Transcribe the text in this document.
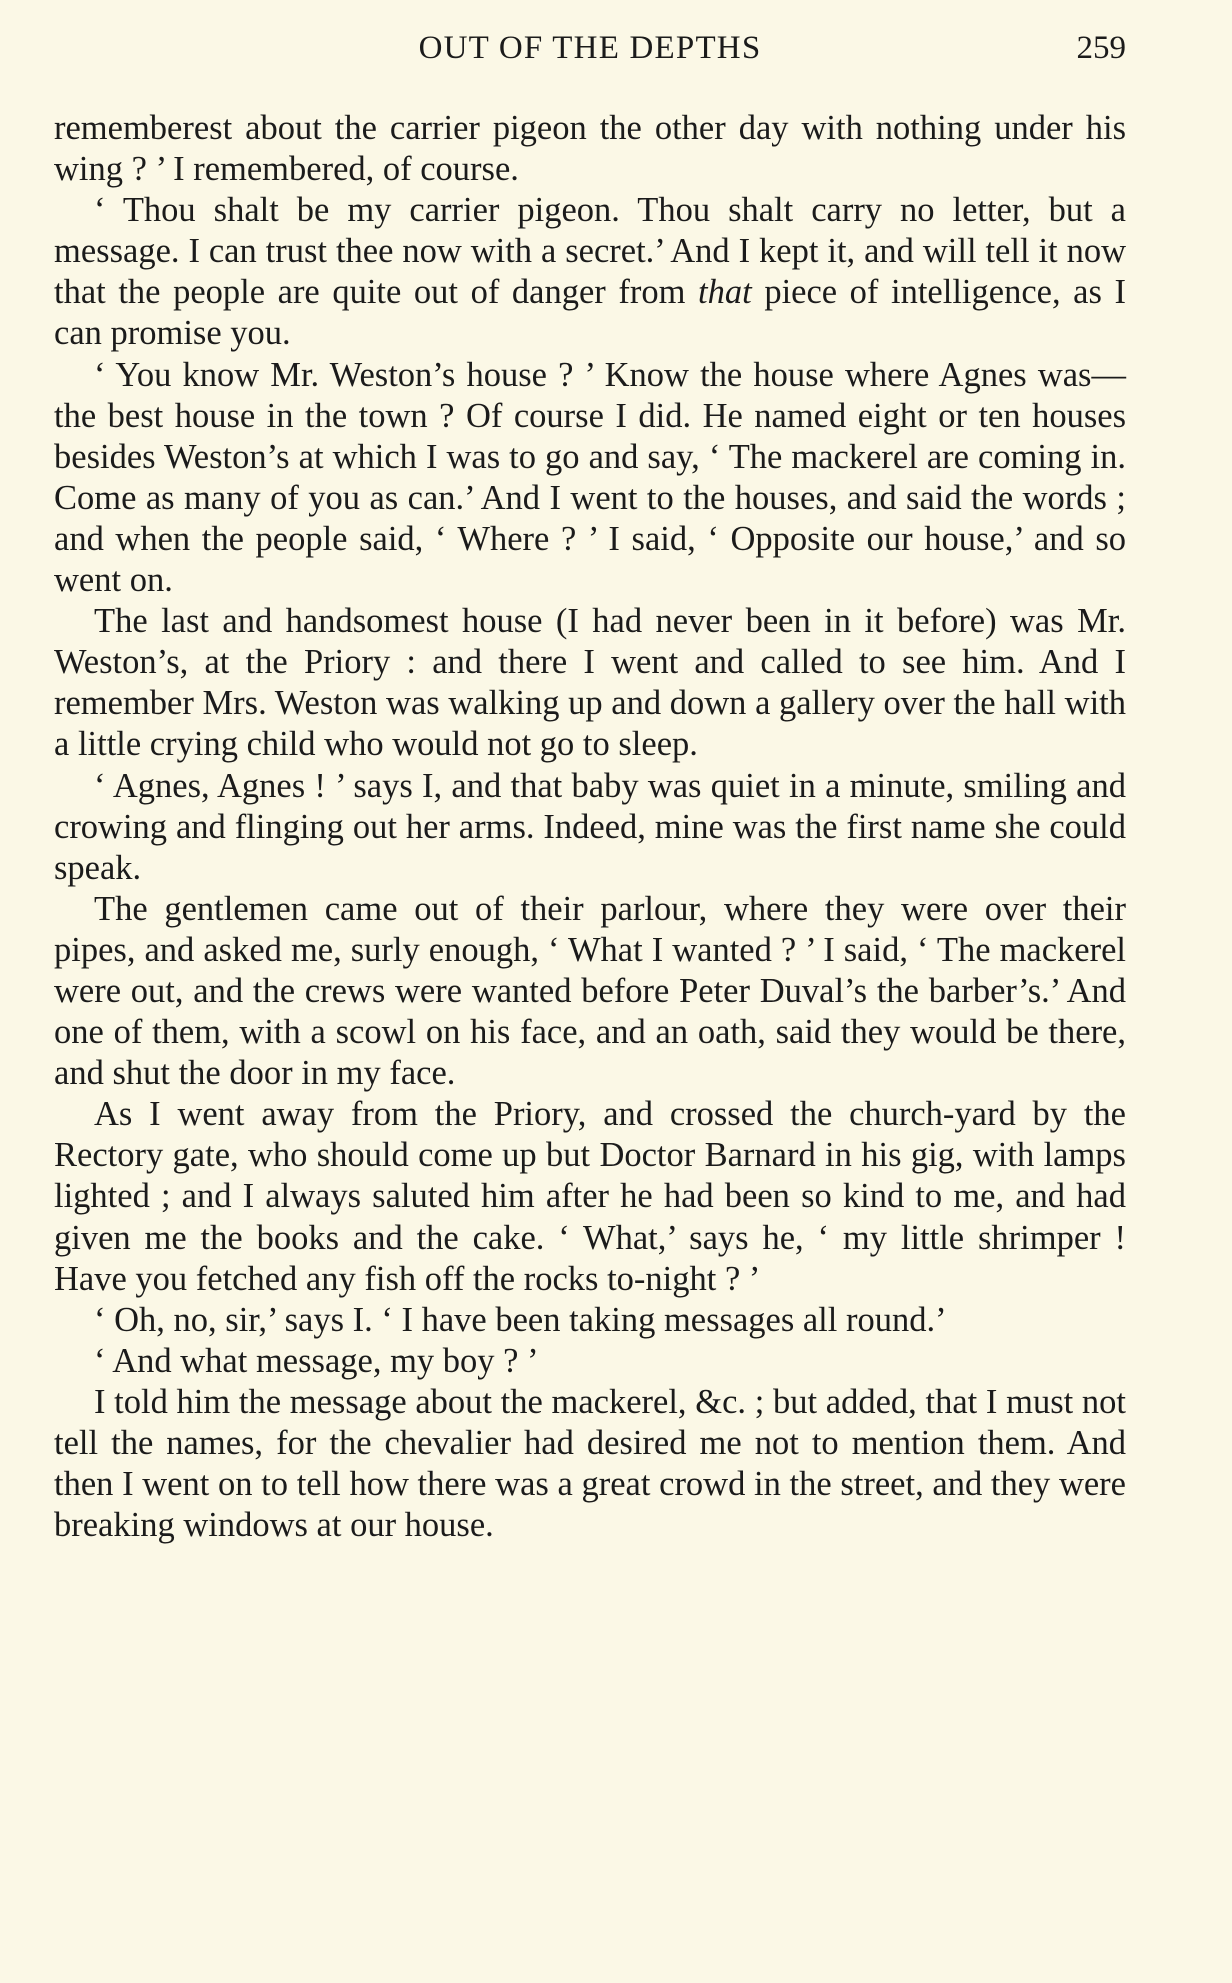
OUT OF THE DEPTHS	259

rememberest about the carrier pigeon the other day with nothing under his wing ? ’ I remembered, of course.

‘ Thou shalt be my carrier pigeon. Thou shalt carry no letter, but a message. I can trust thee now with a secret.’ And I kept it, and will tell it now that the people are quite out of danger from that piece of intelligence, as I can promise you.

‘ You know Mr. Weston’s house ? ’ Know the house where Agnes was—the best house in the town ? Of course I did. He named eight or ten houses besides Weston’s at which I was to go and say, ‘ The mackerel are coming in. Come as many of you as can.’ And I went to the houses, and said the words ; and when the people said, ‘ Where ? ’ I said, ‘ Opposite our house,’ and so went on.

The last and handsomest house (I had never been in it before) was Mr. Weston’s, at the Priory : and there I went and called to see him. And I remember Mrs. Weston was walking up and down a gallery over the hall with a little crying child who would not go to sleep.

‘ Agnes, Agnes ! ’ says I, and that baby was quiet in a minute, smiling and crowing and flinging out her arms. Indeed, mine was the first name she could speak.

The gentlemen came out of their parlour, where they were over their pipes, and asked me, surly enough, ‘ What I wanted ? ’ I said, ‘ The mackerel were out, and the crews were wanted before Peter Duval’s the barber’s.’ And one of them, with a scowl on his face, and an oath, said they would be there, and shut the door in my face.

As I went away from the Priory, and crossed the church-yard by the Rectory gate, who should come up but Doctor Barnard in his gig, with lamps lighted ; and I always saluted him after he had been so kind to me, and had given me the books and the cake. ‘ What,’ says he, ‘ my little shrimper ! Have you fetched any fish off the rocks to-night ? ’

‘ Oh, no, sir,’ says I. ‘ I have been taking messages all round.’

‘ And what message, my boy ? ’

I told him the message about the mackerel, &c. ; but added, that I must not tell the names, for the chevalier had desired me not to mention them. And then I went on to tell how there was a great crowd in the street, and they were breaking windows at our house.
